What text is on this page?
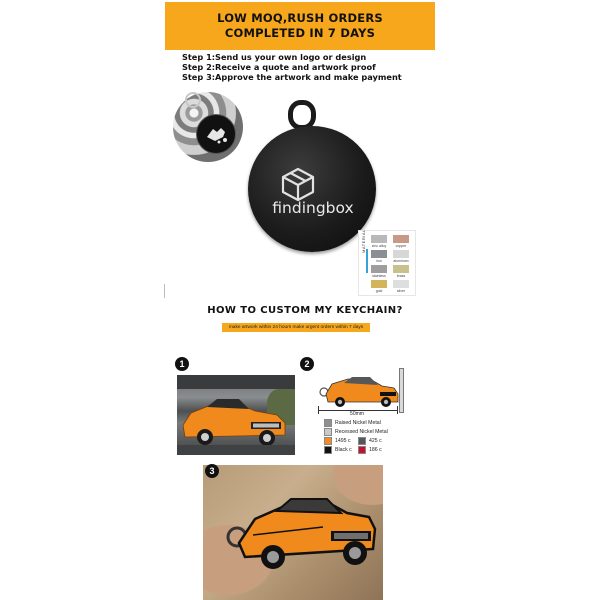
LOW MOQ,RUSH ORDERS
COMPLETED IN 7 DAYS
Step 1:Send us your own logo or design
Step 2:Receive a quote and artwork proof
Step 3:Approve the artwork and make payment
findingbox
MATERIAL	zinc alloy	copper
iron	aluminum
stainless	brass
gold	silver
HOW TO CUSTOM MY KEYCHAIN?
make artwork within 24 hours make urgent orders within 7 days
1	2
3
50mm
Raised Nickel Metal
Recessed Nickel Metal
1495 c	425 c
Black c	186 c
